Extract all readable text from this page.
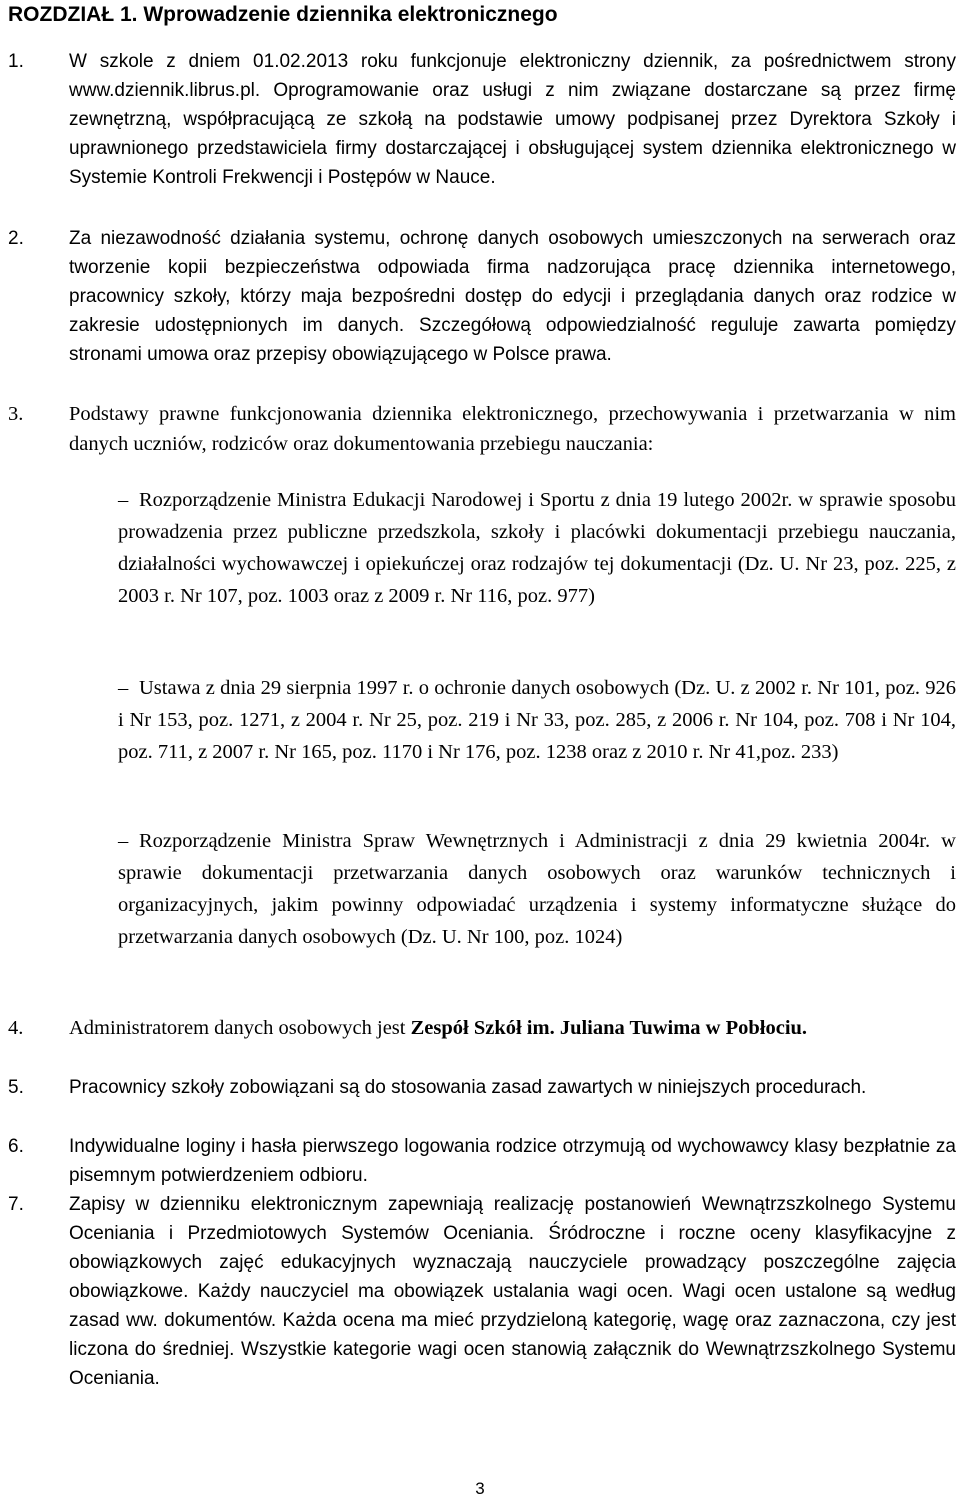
ROZDZIAŁ 1. Wprowadzenie dziennika elektronicznego
1. W szkole z dniem 01.02.2013 roku funkcjonuje elektroniczny dziennik, za pośrednictwem strony www.dziennik.librus.pl. Oprogramowanie oraz usługi z nim związane dostarczane są przez firmę zewnętrzną, współpracującą ze szkołą na podstawie umowy podpisanej przez Dyrektora Szkoły i uprawnionego przedstawiciela firmy dostarczającej i obsługującej system dziennika elektronicznego w Systemie Kontroli Frekwencji i Postępów w Nauce.
2. Za niezawodność działania systemu, ochronę danych osobowych umieszczonych na serwerach oraz tworzenie kopii bezpieczeństwa odpowiada firma nadzorująca pracę dziennika internetowego, pracownicy szkoły, którzy maja bezpośredni dostęp do edycji i przeglądania danych oraz rodzice w zakresie udostępnionych im danych. Szczegółową odpowiedzialność reguluje zawarta pomiędzy stronami umowa oraz przepisy obowiązującego w Polsce prawa.
3. Podstawy prawne funkcjonowania dziennika elektronicznego, przechowywania i przetwarzania w nim danych uczniów, rodziców oraz dokumentowania przebiegu nauczania:
– Rozporządzenie Ministra Edukacji Narodowej i Sportu z dnia 19 lutego 2002r. w sprawie sposobu prowadzenia przez publiczne przedszkola, szkoły i placówki dokumentacji przebiegu nauczania, działalności wychowawczej i opiekuńczej oraz rodzajów tej dokumentacji (Dz. U. Nr 23, poz. 225, z 2003 r. Nr 107, poz. 1003 oraz z 2009 r. Nr 116, poz. 977)
– Ustawa z dnia 29 sierpnia 1997 r. o ochronie danych osobowych (Dz. U. z 2002 r. Nr 101, poz. 926 i Nr 153, poz. 1271, z 2004 r. Nr 25, poz. 219 i Nr 33, poz. 285, z 2006 r. Nr 104, poz. 708 i Nr 104, poz. 711, z 2007 r. Nr 165, poz. 1170 i Nr 176, poz. 1238 oraz z 2010 r. Nr 41,poz. 233)
– Rozporządzenie Ministra Spraw Wewnętrznych i Administracji z dnia 29 kwietnia 2004r. w sprawie dokumentacji przetwarzania danych osobowych oraz warunków technicznych i organizacyjnych, jakim powinny odpowiadać urządzenia i systemy informatyczne służące do przetwarzania danych osobowych (Dz. U. Nr 100, poz. 1024)
4. Administratorem danych osobowych jest Zespół Szkół im. Juliana Tuwima w Pobłociu.
5. Pracownicy szkoły zobowiązani są do stosowania zasad zawartych w niniejszych procedurach.
6. Indywidualne loginy i hasła pierwszego logowania rodzice otrzymują od wychowawcy klasy bezpłatnie za pisemnym potwierdzeniem odbioru.
7. Zapisy w dzienniku elektronicznym zapewniają realizację postanowień Wewnątrzszkolnego Systemu Oceniania i Przedmiotowych Systemów Oceniania. Śródroczne i roczne oceny klasyfikacyjne z obowiązkowych zajęć edukacyjnych wyznaczają nauczyciele prowadzący poszczególne zajęcia obowiązkowe. Każdy nauczyciel ma obowiązek ustalania wagi ocen. Wagi ocen ustalone są według zasad ww. dokumentów. Każda ocena ma mieć przydzieloną kategorię, wagę oraz zaznaczona, czy jest liczona do średniej. Wszystkie kategorie wagi ocen stanowią załącznik do Wewnątrzszkolnego Systemu Oceniania.
3
